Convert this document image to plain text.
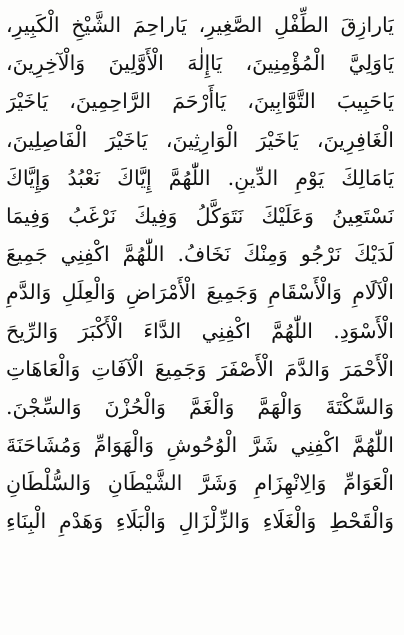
يَارازِقَ الطِّفْلِ الصَّغِيرِ، يَاراحِمَ الشَّيْخِ الْكَبِيرِ،
يَاوَلِيَّ الْمُؤْمِنِينَ، يَاإِلٰهَ الْأَوَّلِينَ وَالْآخِرِينَ،
يَاحَبِيبَ التَّوَّابِينَ، يَاأَرْحَمَ الرَّاحِمِينَ، يَاخَيْرَ
الْغَافِرِينَ، يَاخَيْرَ الْوَارِثِينَ، يَاخَيْرَ الْفَاصِلِينَ،
يَامَالِكَ يَوْمِ الدِّينِ. اللّٰهُمَّ إِيَّاكَ نَعْبُدُ وَإِيَّاكَ
نَسْتَعِينُ وَعَلَيْكَ نَتَوَكَّلُ وَفِيكَ نَرْغَبُ وَفِيمَا
لَدَيْكَ نَرْجُو وَمِنْكَ نَخَافُ. اللّٰهُمَّ اكْفِنِي جَمِيعَ
الْآلَامِ وَالْأَسْقَامِ وَجَمِيعَ الْأَمْرَاضِ وَالْعِلَلِ وَالدَّمِ
الْأَسْوَدِ. اللّٰهُمَّ اكْفِنِي الدَّاءَ الْأَكْبَرَ وَالرِّيحَ
الْأَحْمَرَ وَالدَّمَ الْأَصْفَرَ وَجَمِيعَ الْآفَاتِ وَالْعَاهَاتِ
وَالسَّكْتَةَ وَالْهَمَّ وَالْغَمَّ وَالْحُزْنَ وَالسِّجْنَ.
اللّٰهُمَّ اكْفِنِي شَرَّ الْوُحُوشِ وَالْهَوَامِّ وَمُشَاحَنَةَ
الْعَوَامِّ وَالِانْهِزَامِ وَشَرَّ الشَّيْطَانِ وَالسُّلْطَانِ
وَالْقَحْطِ وَالْغَلَاءِ وَالزِّلْزَالِ وَالْبَلَاءِ وَهَدْمِ الْبِنَاءِ
